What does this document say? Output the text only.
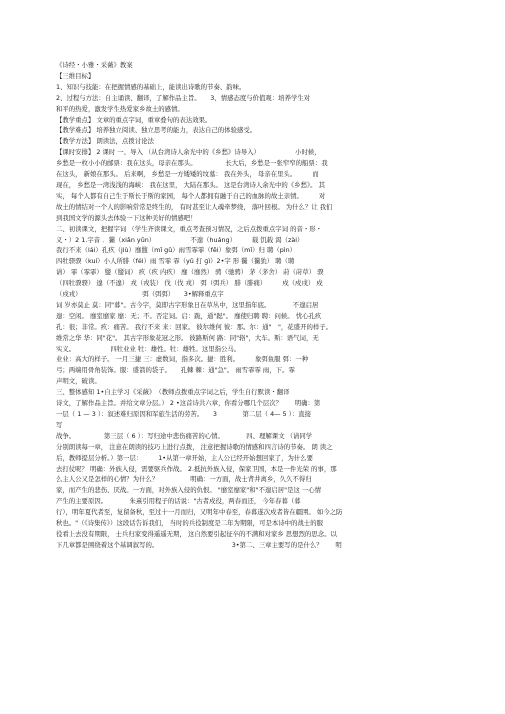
《诗经・小雅・采薇》教案

【三维目标】

1、知识与技能：在把握情感的基础上，能读出诗歌的节奏、韵味。

2、过程与方法：自主诵读、翻译，了解作品主旨。　　3、情感态度与价值观：培养学生对

和平的热爱，激发学生热爱家乡故土的感情。

【教学重点】 文章的重点字词，重章叠句的表达效果。

【教学难点】 培养独立阅读、独立思考的能力，表达自己的体验感受。

【教学方法】 朗读法，点拨讨论法

【课时安排】 2 课时 一、导入 （从台湾诗人余光中的《乡愁》诗导入）　　　　　　小时候，

乡愁是一枚小小的邮票：我在这头，母亲在那头。　　　　　长大后，乡愁是一张窄窄的船票：我

在这头， 新娘在那头。 后来啊， 乡愁是一方矮矮的坟墓： 我在外头， 母亲在里头。　　　而

现在， 乡愁是一湾浅浅的海峡： 我在这里， 大陆在那头。 这是台湾诗人余光中的《乡愁》。 其

实， 每个人都有自己生于斯长于斯的家园， 每个人都拥有融于自己的血脉的故土亲情。　　　对

故土的情结对一个人的影响常常是终生的， 有时甚至让人魂牵梦绕， 落叶回根。 为什么？让 我们

到我国文学的源头去体验一下这种美好的情感吧！

二、初读课文，把握字词 （学生齐读课文，重点考查预习情况，之后点拨重点字词 的音・形・

义・）2 1.字音 ．玁（xiǎn yǔn）　　　　　　不遑（huáng）　　　载 饥载 渴（zài）

我行不来（lái）孔疚（jiù）靡盬（mǐ gǔ）雨雪霏霏（fēi）象弭（mǐ）归 聘（pìn）

四牡骙骙（kuí）小人所腓（féi）雨 雪霏 霏（yǔ 打 ɡì）2•字 形 玁（玁狁） 聘（聘

请） 霏（霏霏） 盬（盬词） 疚（疚 内疚） 靡（靡然） 骋（驰骋） 茅（茅舍） 莳（莳草） 骙

（四牡骙骙） 遑（不遑） 戎（戎装） 伐（伐 戎） 弭（弭兵） 腓（腓痛）　　　戍（戍戌） 戍

（戍戎）　　　　　　　　　　弭（弭弭）　　3•解释重点字

词 岁亦莫止 莫：同"暮"。古今字，莫即古字形象日在草丛中，这里指年底。　　　　不遑启居

遑：空闲。 靡室靡家 靡：无；不。否定词。启：跪，通"跽"。 靡使归聘 聘：问候。 忧心孔疚

孔：很；非常。疚：痛苦。 我行不来 来：回家。 彼尔维何 彼：那。尔：通"　"，花盛开的样子。

维常之华 华：同"花"。 其古字形象花冠之形。 彼路斯何 路：同"辂"，大车。斯：语气词，无

实义。　　　　　　四牡业业 牡：雄性。牡：雄牲。这里指公马。

业业：高大的样子。 一月三捷 三：虚数词，指多次。捷：胜利。　　　象弭鱼服 弭：一种

弓；两端用骨角装饰。服：盛箭的袋子。　　孔棘 棘：通"急"。 雨雪霏霏 雨，下。霏

声明文，破读。

三、整体感知 1•自主学习《采薇》　（教师点拨重点字词之后，学生自行默读・翻译

诗文，了解作品主旨。并给文章分层。） 2 •这首诗共六章，你看分哪几个层次？　　明确：第

一层（ 1 — 3 ）：叙述难归原因和军旅生活的劳苦。　　3　　　　第二层（ 4— 5 ）：直接

写

战争。　　　　　第三层（ 6 ）：写归途中悲伤痛苦的心情。　　　　四、理解课文 （请同学

分别朗读每一章， 注意在朗读的技巧上进行点拨， 注意把握诗歌的情感和四言诗的节奏。 朗 读之

后，教师提层分析。）第一层：　　　1•从第一章开始，主人公已经开始想回家了，为什么要

去打仗呢？ 明确：外族入侵，需要驱兵作战。 2.抵抗外族入侵，保家卫国，本是一件光荣 的事，那

么主人公又是怎样的心情？为什么？　　　　　明确：一方面，战士背井离乡，久久不得归

家，而产生的悲伤、厌战。一方面，对外族入侵的仇恨。 "靡室靡家"和"不遑启居"是这 一心情

产生的主要原因。　　　　朱熹引用程子的话说："古者戍役，两春而还， 今年春暮（暮

行），明年夏代者至，复留备秋，至过十一月而归，又明年中春至，春暮遂次戍者皆在疆圉。 如今之防

秋也。"（《诗集传》）这段话告诉我们， 当时的兵役制度是二年为期限，可是本诗中的战士的服

役看上去没有期限， 士兵归家变得遥遥无期， 这自然要引起征卒的不满和对家乡 思想烈的思念。以

下几章都是围绕着这个基调叙写的。　　　　　　　　　　　　3•第二、三章主要写的是什么？　　明
